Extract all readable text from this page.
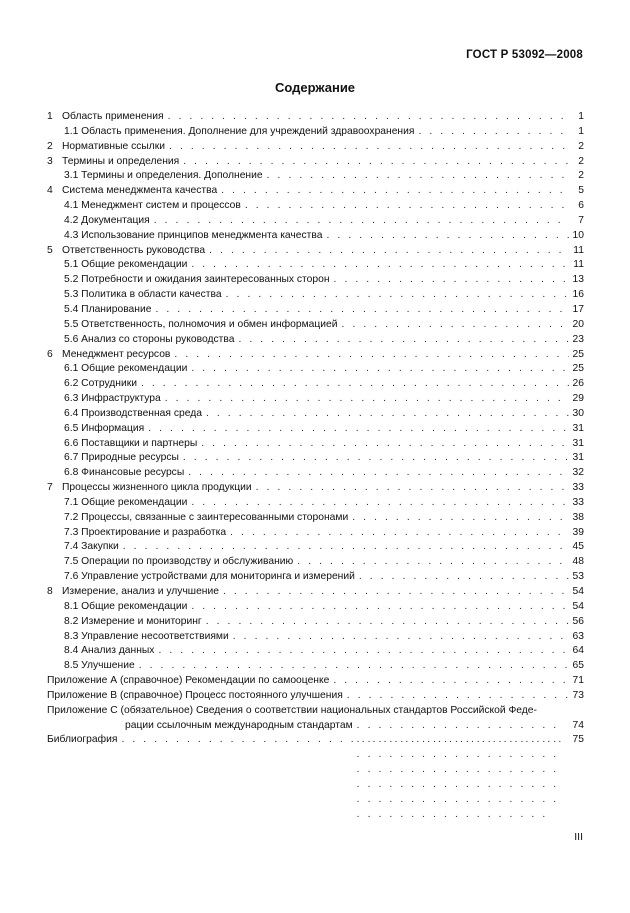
ГОСТ Р 53092—2008
Содержание
1 Область применения . . .	1
1.1 Область применения. Дополнение для учреждений здравоохранения . . .	1
2 Нормативные ссылки . . .	2
3 Термины и определения . . .	2
3.1 Термины и определения. Дополнение . . .	2
4 Система менеджмента качества . . .	5
4.1 Менеджмент систем и процессов . . .	6
4.2 Документация . . .	7
4.3 Использование принципов менеджмента качества . . .	10
5 Ответственность руководства . . .	11
5.1 Общие рекомендации . . .	11
5.2 Потребности и ожидания заинтересованных сторон . . .	13
5.3 Политика в области качества . . .	16
5.4 Планирование . . .	17
5.5 Ответственность, полномочия и обмен информацией . . .	20
5.6 Анализ со стороны руководства . . .	23
6 Менеджмент ресурсов . . .	25
6.1 Общие рекомендации . . .	25
6.2 Сотрудники . . .	26
6.3 Инфраструктура . . .	29
6.4 Производственная среда . . .	30
6.5 Информация . . .	31
6.6 Поставщики и партнеры . . .	31
6.7 Природные ресурсы . . .	31
6.8 Финансовые ресурсы . . .	32
7 Процессы жизненного цикла продукции . . .	33
7.1 Общие рекомендации . . .	33
7.2 Процессы, связанные с заинтересованными сторонами . . .	38
7.3 Проектирование и разработка . . .	39
7.4 Закупки . . .	45
7.5 Операции по производству и обслуживанию . . .	48
7.6 Управление устройствами для мониторинга и измерений . . .	53
8 Измерение, анализ и улучшение . . .	54
8.1 Общие рекомендации . . .	54
8.2 Измерение и мониторинг . . .	56
8.3 Управление несоответствиями . . .	63
8.4 Анализ данных . . .	64
8.5 Улучшение . . .	65
Приложение А (справочное) Рекомендации по самооценке . . .	71
Приложение В (справочное) Процесс постоянного улучшения . . .	73
Приложение С (обязательное) Сведения о соответствии национальных стандартов Российской Феде-
рации ссылочным международным стандартам . . .	74
Библиография . . .	75
III
